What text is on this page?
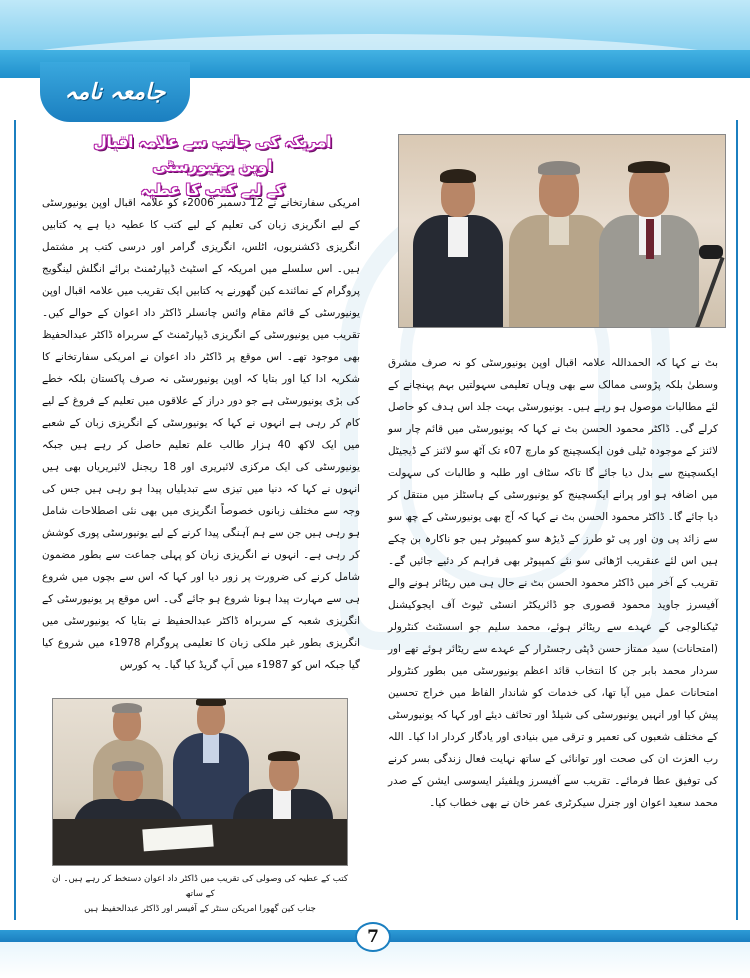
جامعہ نامہ
امریکہ کی جانب سے علامہ اقبال اوپن یونیورسٹی
کے لیے کتب کا عطیہ
امریکی سفارتخانے نے 12 دسمبر 2006ء کو علامہ اقبال اوپن یونیورسٹی کے لیے انگریزی زبان کی تعلیم کے لیے کتب کا عطیہ دیا ہے یہ کتابیں انگریزی ڈکشنریوں، اٹلس، انگریزی گرامر اور درسی کتب پر مشتمل ہیں۔ اس سلسلے میں امریکہ کے اسٹیٹ ڈیپارٹمنٹ برائے انگلش لینگویج پروگرام کے نمائندے کین گھورنے یہ کتابیں ایک تقریب میں علامہ اقبال اوپن یونیورسٹی کے قائم مقام وائس چانسلر ڈاکٹر داد اعوان کے حوالے کیں۔ تقریب میں یونیورسٹی کے انگریزی ڈیپارٹمنٹ کے سربراہ ڈاکٹر عبدالحفیظ بھی موجود تھے۔ اس موقع پر ڈاکٹر داد اعوان نے امریکی سفارتخانے کا شکریہ ادا کیا اور بتایا کہ اوپن یونیورسٹی نہ صرف پاکستان بلکہ خطے کی بڑی یونیورسٹی ہے جو دور دراز کے علاقوں میں تعلیم کے فروغ کے لیے کام کر رہی ہے انہوں نے کہا کہ یونیورسٹی کے انگریزی زبان کے شعبے میں ایک لاکھ 40 ہزار طالب علم تعلیم حاصل کر رہے ہیں جبکہ یونیورسٹی کی ایک مرکزی لائبریری اور 18 ریجنل لائبریریاں بھی ہیں انہوں نے کہا کہ دنیا میں تیزی سے تبدیلیاں پیدا ہو رہی ہیں جس کی وجہ سے مختلف زبانوں خصوصاً انگریزی میں بھی نئی اصطلاحات شامل ہو رہی ہیں جن سے ہم آہنگی پیدا کرنے کے لیے یونیورسٹی پوری کوشش کر رہی ہے۔ انہوں نے انگریزی زبان کو پہلی جماعت سے بطور مضمون شامل کرنے کی ضرورت پر زور دیا اور کہا کہ اس سے بچوں میں شروع ہی سے مہارت پیدا ہونا شروع ہو جائے گی۔ اس موقع پر یونیورسٹی کے انگریزی شعبہ کے سربراہ ڈاکٹر عبدالحفیظ نے بتایا کہ یونیورسٹی میں انگریزی بطور غیر ملکی زبان کا تعلیمی پروگرام 1978ء میں شروع کیا گیا جبکہ اس کو 1987ء میں اَپ گریڈ کیا گیا۔ یہ کورس
بٹ نے کہا کہ الحمداللہ علامہ اقبال اوپن یونیورسٹی کو نہ صرف مشرق وسطیٰ بلکہ پڑوسی ممالک سے بھی وہاں تعلیمی سہولتیں بہم پہنچانے کے لئے مطالبات موصول ہو رہے ہیں۔ یونیورسٹی بہت جلد اس ہدف کو حاصل کرلے گی۔ ڈاکٹر محمود الحسن بٹ نے کہا کہ یونیورسٹی میں قائم چار سو لائنز کے موجودہ ٹیلی فون ایکسچینج کو مارچ 07ء تک آٹھ سو لائنز کے ڈیجیٹل ایکسچینج سے بدل دیا جائے گا تاکہ سٹاف اور طلبہ و طالبات کی سہولت میں اضافہ ہو اور پرانے ایکسچینج کو یونیورسٹی کے ہاسٹلز میں منتقل کر دیا جائے گا۔ ڈاکٹر محمود الحسن بٹ نے کہا کہ آج بھی یونیورسٹی کے چھ سو سے زائد پی ون اور پی ٹو طرز کے ڈیڑھ سو کمپیوٹر ہیں جو ناکارہ بن چکے ہیں اس لئے عنقریب اڑھائی سو نئے کمپیوٹر بھی فراہم کر دئیے جائیں گے۔ تقریب کے آخر میں ڈاکٹر محمود الحسن بٹ نے حال ہی میں ریٹائر ہونے والے آفیسرز جاوید محمود قصوری جو ڈائریکٹر انسٹی ٹیوٹ آف ایجوکیشنل ٹیکنالوجی کے عہدے سے ریٹائر ہوئے، محمد سلیم جو اسسٹنٹ کنٹرولر (امتحانات) سید ممتاز حسن ڈپٹی رجسٹرار کے عہدے سے ریٹائر ہوئے تھے اور سردار محمد بابر جن کا انتخاب قائد اعظم یونیورسٹی میں بطور کنٹرولر امتحانات عمل میں آیا تھا، کی خدمات کو شاندار الفاظ میں خراج تحسین پیش کیا اور انہیں یونیورسٹی کی شیلڈ اور تحائف دیئے اور کہا کہ یونیورسٹی کے مختلف شعبوں کی تعمیر و ترقی میں بنیادی اور یادگار کردار ادا کیا۔ اللہ رب العزت ان کی صحت اور توانائی کے ساتھ نہایت فعال زندگی بسر کرنے کی توفیق عطا فرمائے۔ تقریب سے آفیسرز ویلفیئر ایسوسی ایشن کے صدر محمد سعید اعوان اور جنرل سیکرٹری عمر خان نے بھی خطاب کیا۔
کتب کے عطیہ کی وصولی کی تقریب میں ڈاکٹر داد اعوان دستخط کر رہے ہیں۔ ان کے ساتھ
جناب کین گھورا امریکن سنٹر کے آفیسر اور ڈاکٹر عبدالحفیظ ہیں
7
